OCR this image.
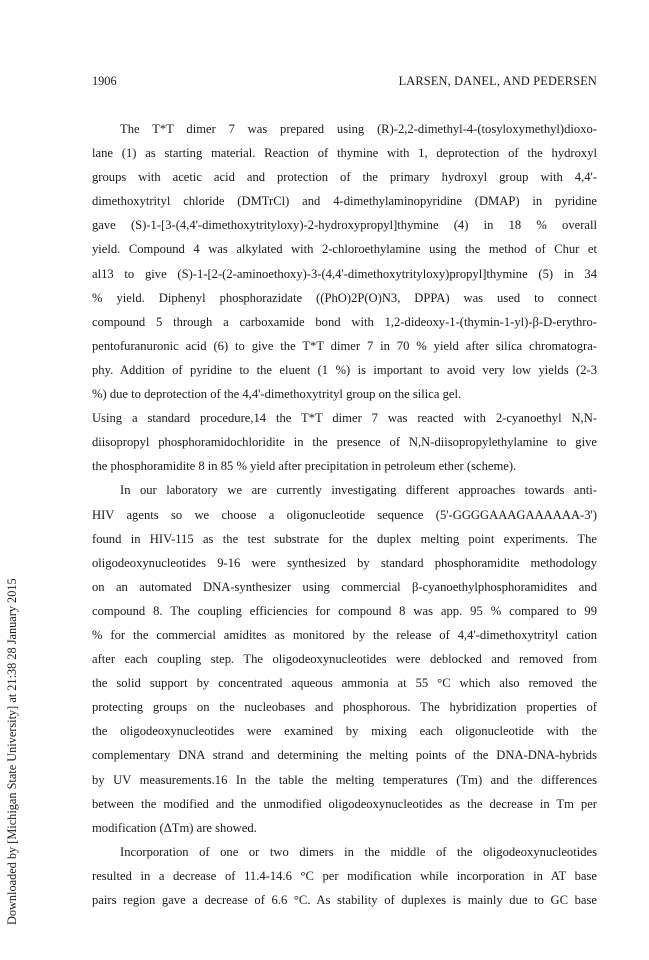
1906	LARSEN, DANEL, AND PEDERSEN
Downloaded by [Michigan State University] at 21:38 28 January 2015
The T*T dimer 7 was prepared using (R)-2,2-dimethyl-4-(tosyloxymethyl)dioxo-
lane (1) as starting material. Reaction of thymine with 1, deprotection of the hydroxyl
groups with acetic acid and protection of the primary hydroxyl group with 4,4'-
dimethoxytrityl chloride (DMTrCl) and 4-dimethylaminopyridine (DMAP) in pyridine
gave (S)-1-[3-(4,4'-dimethoxytrityloxy)-2-hydroxypropyl]thymine (4) in 18 % overall
yield. Compound 4 was alkylated with 2-chloroethylamine using the method of Chur et
al13 to give (S)-1-[2-(2-aminoethoxy)-3-(4,4'-dimethoxytrityloxy)propyl]thymine (5) in 34
% yield. Diphenyl phosphorazidate ((PhO)2P(O)N3, DPPA) was used to connect
compound 5 through a carboxamide bond with 1,2-dideoxy-1-(thymin-1-yl)-β-D-erythro-
pentofuranuronic acid (6) to give the T*T dimer 7 in 70 % yield after silica chromatogra-
phy. Addition of pyridine to the eluent (1 %) is important to avoid very low yields (2-3
%) due to deprotection of the 4,4'-dimethoxytrityl group on the silica gel.
Using a standard procedure,14 the T*T dimer 7 was reacted with 2-cyanoethyl N,N-
diisopropyl phosphoramidochloridite in the presence of N,N-diisopropylethylamine to give
the phosphoramidite 8 in 85 % yield after precipitation in petroleum ether (scheme).
In our laboratory we are currently investigating different approaches towards anti-
HIV agents so we choose a oligonucleotide sequence (5'-GGGGAAAGAAAAAA-3')
found in HIV-115 as the test substrate for the duplex melting point experiments. The
oligodeoxynucleotides 9-16 were synthesized by standard phosphoramidite methodology
on an automated DNA-synthesizer using commercial β-cyanoethylphosphoramidites and
compound 8. The coupling efficiencies for compound 8 was app. 95 % compared to 99
% for the commercial amidites as monitored by the release of 4,4'-dimethoxytrityl cation
after each coupling step. The oligodeoxynucleotides were deblocked and removed from
the solid support by concentrated aqueous ammonia at 55 °C which also removed the
protecting groups on the nucleobases and phosphorous. The hybridization properties of
the oligodeoxynucleotides were examined by mixing each oligonucleotide with the
complementary DNA strand and determining the melting points of the DNA-DNA-hybrids
by UV measurements.16 In the table the melting temperatures (Tm) and the differences
between the modified and the unmodified oligodeoxynucleotides as the decrease in Tm per
modification (ΔTm) are showed.
Incorporation of one or two dimers in the middle of the oligodeoxynucleotides
resulted in a decrease of 11.4-14.6 °C per modification while incorporation in AT base
pairs region gave a decrease of 6.6 °C. As stability of duplexes is mainly due to GC base
